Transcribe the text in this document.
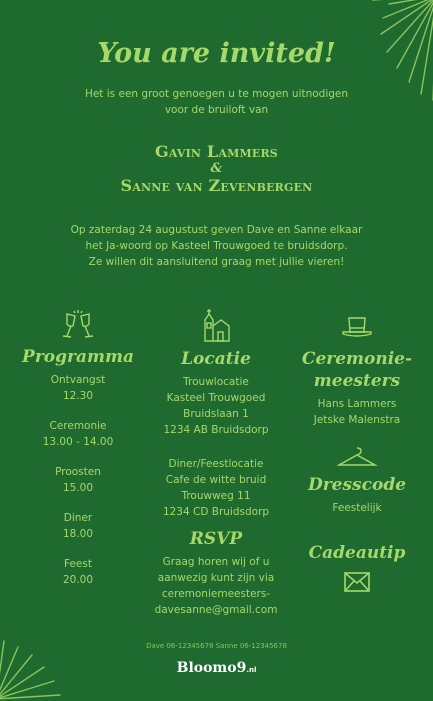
You are invited!
Het is een groot genoegen u te mogen uitnodigen
voor de bruiloft van
Gavin Lammers
&
Sanne van Zevenbergen
Op zaterdag 24 augustust geven Dave en Sanne elkaar
het Ja-woord op Kasteel Trouwgoed te bruidsdorp.
Ze willen dit aansluitend graag met jullie vieren!
Programma
Ontvangst
12.30
Ceremonie
13.00 - 14.00
Proosten
15.00
Diner
18.00
Feest
20.00
Locatie
Trouwlocatie
Kasteel Trouwgoed
Bruidslaan 1
1234 AB Bruidsdorp
Diner/Feestlocatie
Cafe de witte bruid
Trouwweg 11
1234 CD Bruidsdorp
RSVP
Graag horen wij of u
aanwezig kunt zijn via
ceremoniemeesters-
davesanne@gmail.com
Ceremonie-
meesters
Hans Lammers
Jetske Malenstra
Dresscode
Feestelijk
Cadeautip
Dave 06-12345678 Sanne 06-12345678
Bloomo9.nl
